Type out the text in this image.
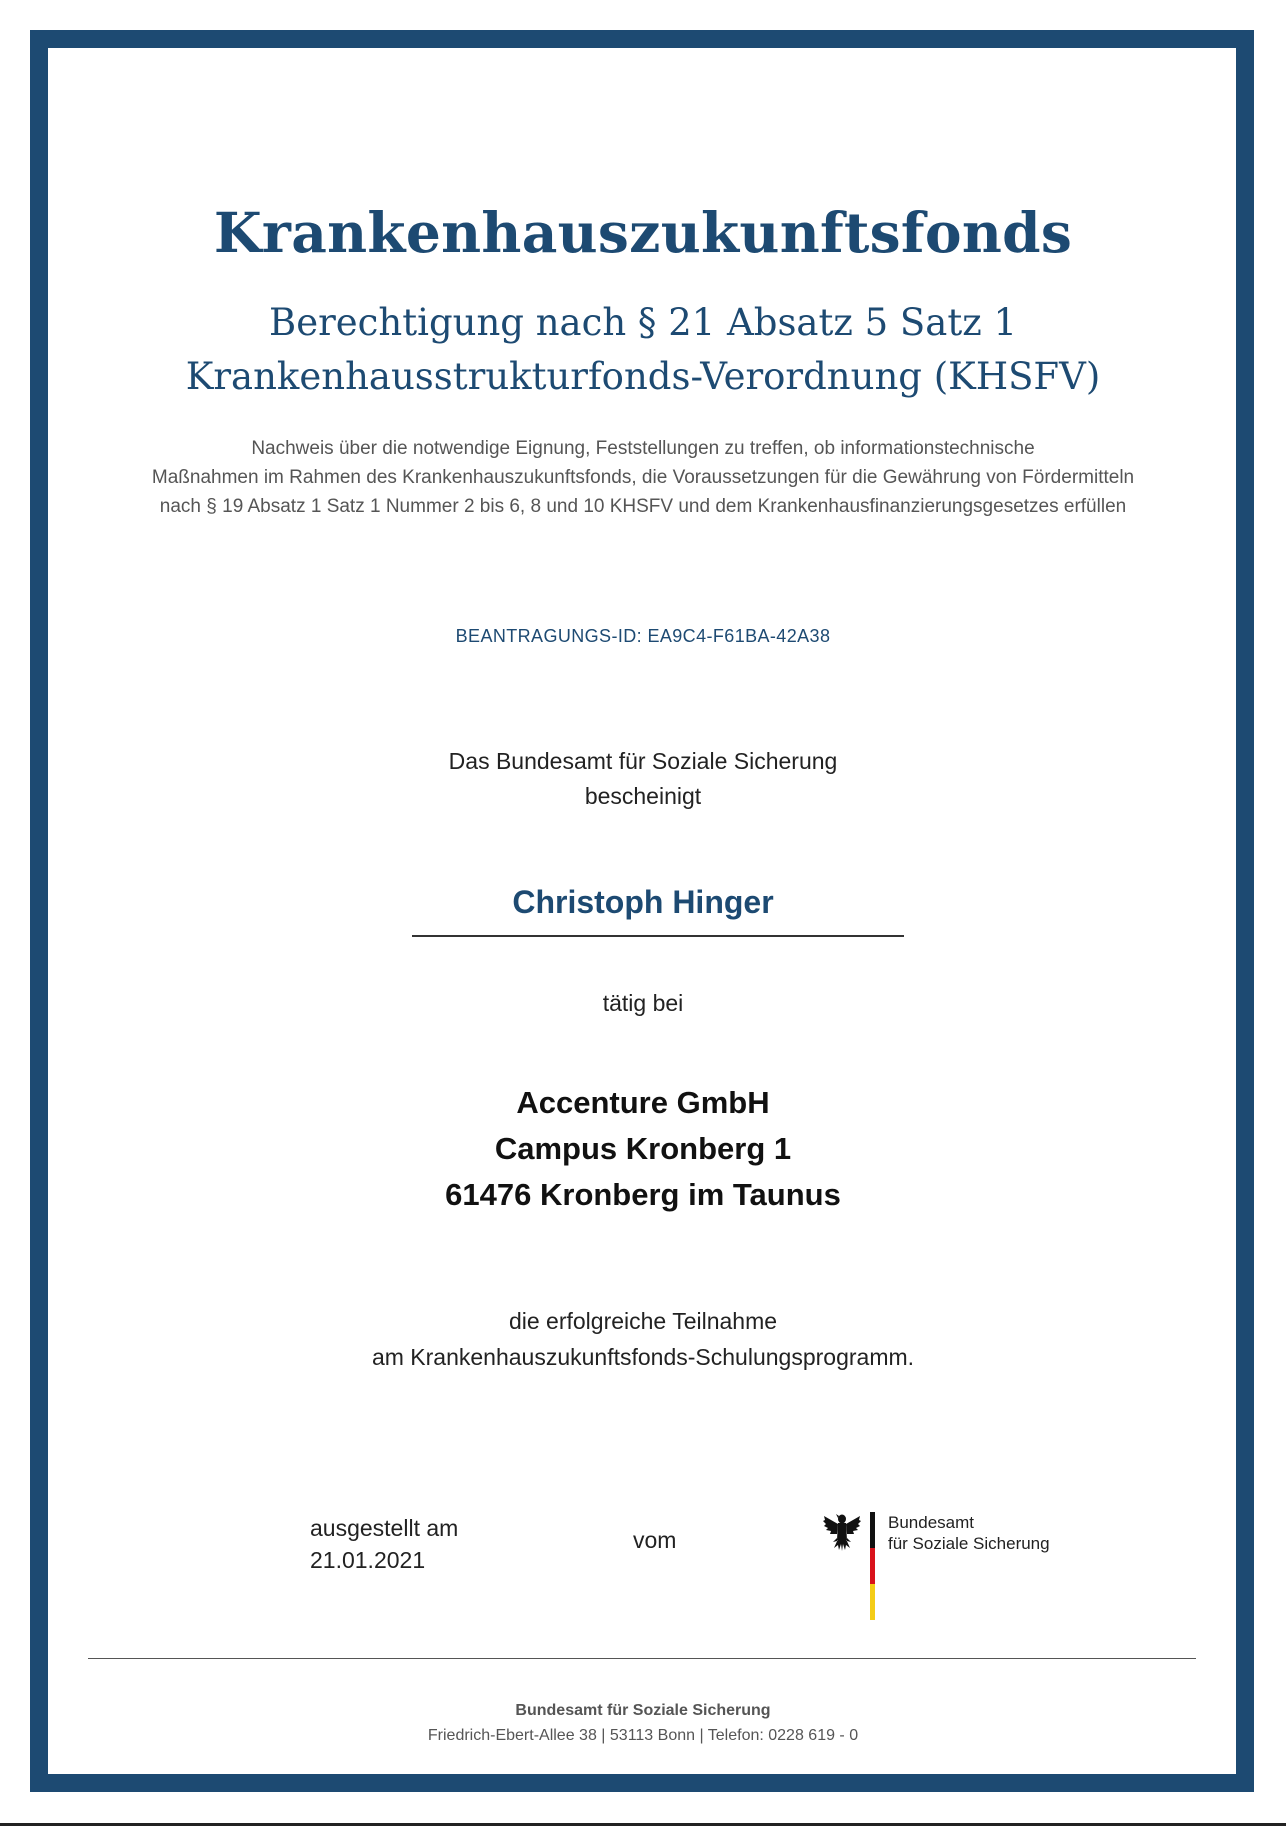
Krankenhauszukunftsfonds
Berechtigung nach § 21 Absatz 5 Satz 1
Krankenhausstrukturfonds-Verordnung (KHSFV)
Nachweis über die notwendige Eignung, Feststellungen zu treffen, ob informationstechnische
Maßnahmen im Rahmen des Krankenhauszukunftsfonds, die Voraussetzungen für die Gewährung von Fördermitteln
nach § 19 Absatz 1 Satz 1 Nummer 2 bis 6, 8 und 10 KHSFV und dem Krankenhausfinanzierungsgesetzes erfüllen
BEANTRAGUNGS-ID: EA9C4-F61BA-42A38
Das Bundesamt für Soziale Sicherung
bescheinigt
Christoph Hinger
tätig bei
Accenture GmbH
Campus Kronberg 1
61476 Kronberg im Taunus
die erfolgreiche Teilnahme
am Krankenhauszukunftsfonds-Schulungsprogramm.
ausgestellt am
21.01.2021
vom
Bundesamt
für Soziale Sicherung
Bundesamt für Soziale Sicherung
Friedrich-Ebert-Allee 38 | 53113 Bonn | Telefon: 0228 619 - 0
